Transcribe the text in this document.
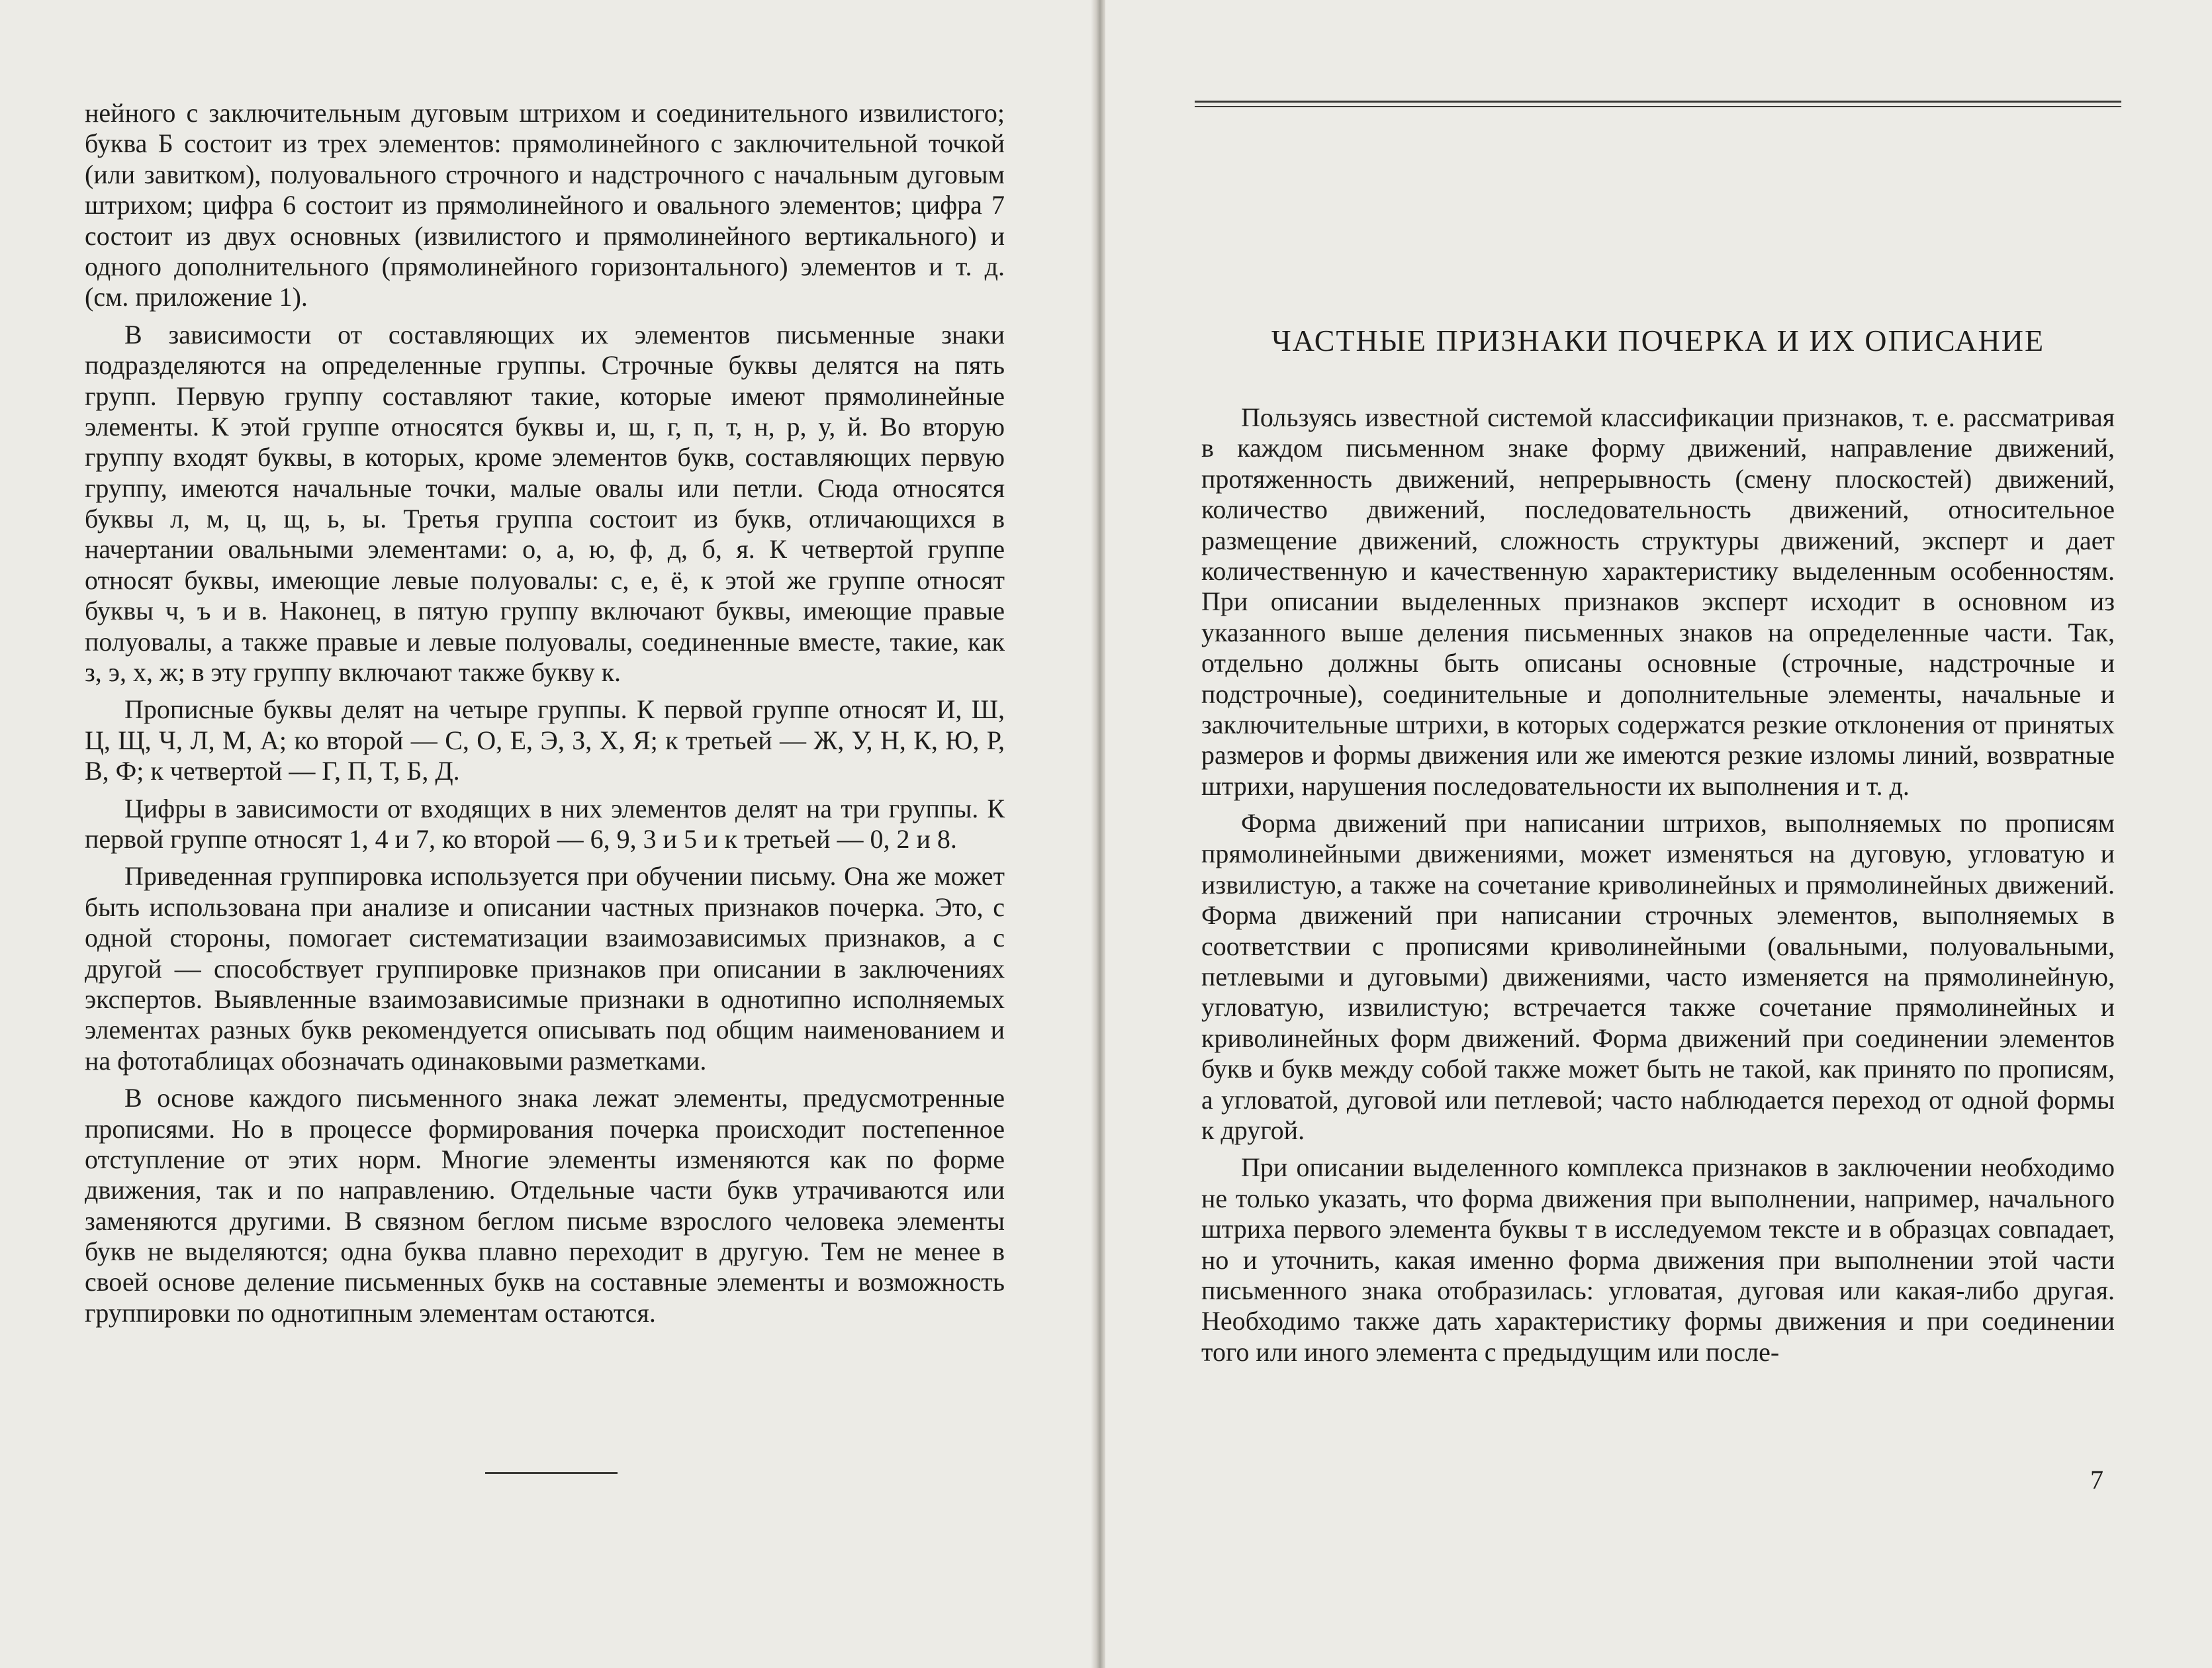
нейного с заключительным дуговым штрихом и соединительного извилистого; буква Б состоит из трех элементов: прямолинейного с заключительной точкой (или завитком), полуовального строчного и надстрочного с начальным дуговым штрихом; цифра 6 состоит из прямолинейного и овального элементов; цифра 7 состоит из двух основных (извилистого и прямолинейного вертикального) и одного дополнительного (прямолинейного горизонтального) элементов и т. д. (см. приложение 1).

В зависимости от составляющих их элементов письменные знаки подразделяются на определенные группы. Строчные буквы делятся на пять групп. Первую группу составляют такие, которые имеют прямолинейные элементы. К этой группе относятся буквы и, ш, г, п, т, н, р, у, й. Во вторую группу входят буквы, в которых, кроме элементов букв, составляющих первую группу, имеются начальные точки, малые овалы или петли. Сюда относятся буквы л, м, ц, щ, ь, ы. Третья группа состоит из букв, отличающихся в начертании овальными элементами: о, а, ю, ф, д, б, я. К четвертой группе относят буквы, имеющие левые полуовалы: с, е, ё, к этой же группе относят буквы ч, ъ и в. Наконец, в пятую группу включают буквы, имеющие правые полуовалы, а также правые и левые полуовалы, соединенные вместе, такие, как з, э, х, ж; в эту группу включают также букву к.

Прописные буквы делят на четыре группы. К первой группе относят И, Ш, Ц, Щ, Ч, Л, М, А; ко второй — С, О, Е, Э, З, Х, Я; к третьей — Ж, У, Н, К, Ю, Р, В, Ф; к четвертой — Г, П, Т, Б, Д.

Цифры в зависимости от входящих в них элементов делят на три группы. К первой группе относят 1, 4 и 7, ко второй — 6, 9, 3 и 5 и к третьей — 0, 2 и 8.

Приведенная группировка используется при обучении письму. Она же может быть использована при анализе и описании частных признаков почерка. Это, с одной стороны, помогает систематизации взаимозависимых признаков, а с другой — способствует группировке признаков при описании в заключениях экспертов. Выявленные взаимозависимые признаки в однотипно исполняемых элементах разных букв рекомендуется описывать под общим наименованием и на фототаблицах обозначать одинаковыми разметками.

В основе каждого письменного знака лежат элементы, предусмотренные прописями. Но в процессе формирования почерка происходит постепенное отступление от этих норм. Многие элементы изменяются как по форме движения, так и по направлению. Отдельные части букв утрачиваются или заменяются другими. В связном беглом письме взрослого человека элементы букв не выделяются; одна буква плавно переходит в другую. Тем не менее в своей основе деление письменных букв на составные элементы и возможность группировки по однотипным элементам остаются.

ЧАСТНЫЕ ПРИЗНАКИ ПОЧЕРКА И ИХ ОПИСАНИЕ

Пользуясь известной системой классификации признаков, т. е. рассматривая в каждом письменном знаке форму движений, направление движений, протяженность движений, непрерывность (смену плоскостей) движений, количество движений, последовательность движений, относительное размещение движений, сложность структуры движений, эксперт и дает количественную и качественную характеристику выделенным особенностям. При описании выделенных признаков эксперт исходит в основном из указанного выше деления письменных знаков на определенные части. Так, отдельно должны быть описаны основные (строчные, надстрочные и подстрочные), соединительные и дополнительные элементы, начальные и заключительные штрихи, в которых содержатся резкие отклонения от принятых размеров и формы движения или же имеются резкие изломы линий, возвратные штрихи, нарушения последовательности их выполнения и т. д.

Форма движений при написании штрихов, выполняемых по прописям прямолинейными движениями, может изменяться на дуговую, угловатую и извилистую, а также на сочетание криволинейных и прямолинейных движений. Форма движений при написании строчных элементов, выполняемых в соответствии с прописями криволинейными (овальными, полуовальными, петлевыми и дуговыми) движениями, часто изменяется на прямолинейную, угловатую, извилистую; встречается также сочетание прямолинейных и криволинейных форм движений. Форма движений при соединении элементов букв и букв между собой также может быть не такой, как принято по прописям, а угловатой, дуговой или петлевой; часто наблюдается переход от одной формы к другой.

При описании выделенного комплекса признаков в заключении необходимо не только указать, что форма движения при выполнении, например, начального штриха первого элемента буквы т в исследуемом тексте и в образцах совпадает, но и уточнить, какая именно форма движения при выполнении этой части письменного знака отобразилась: угловатая, дуговая или какая-либо другая. Необходимо также дать характеристику формы движения и при соединении того или иного элемента с предыдущим или после-

7
